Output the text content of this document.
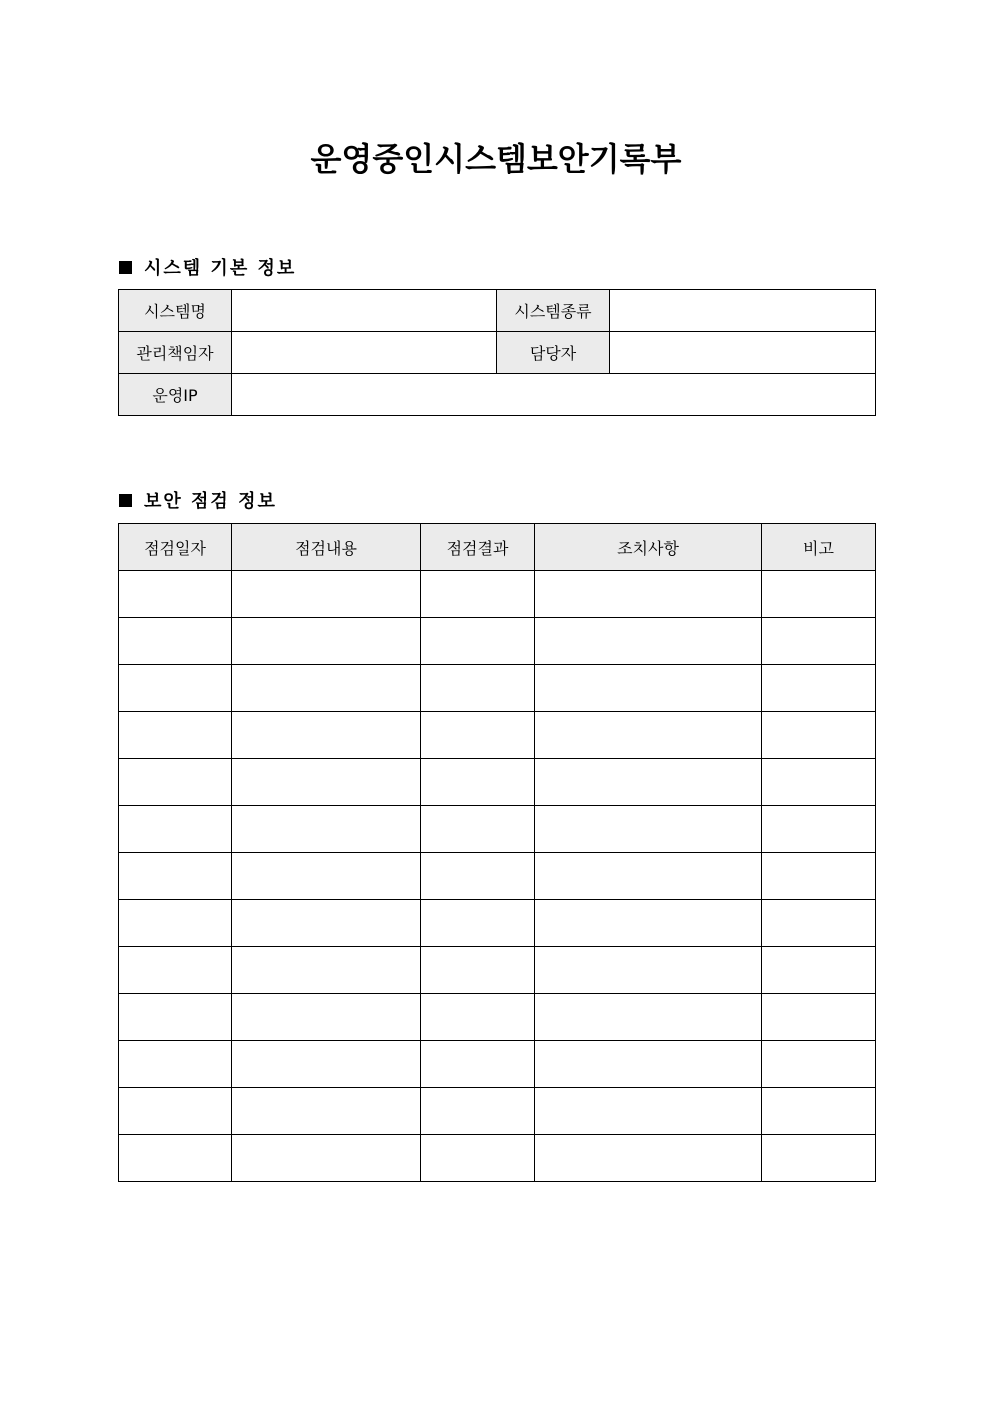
운영중인시스템보안기록부
시스템 기본 정보
시스템명		시스템종류	
관리책임자		담당자	
운영IP			
보안 점검 정보
점검일자	점검내용	점검결과	조치사항	비고
